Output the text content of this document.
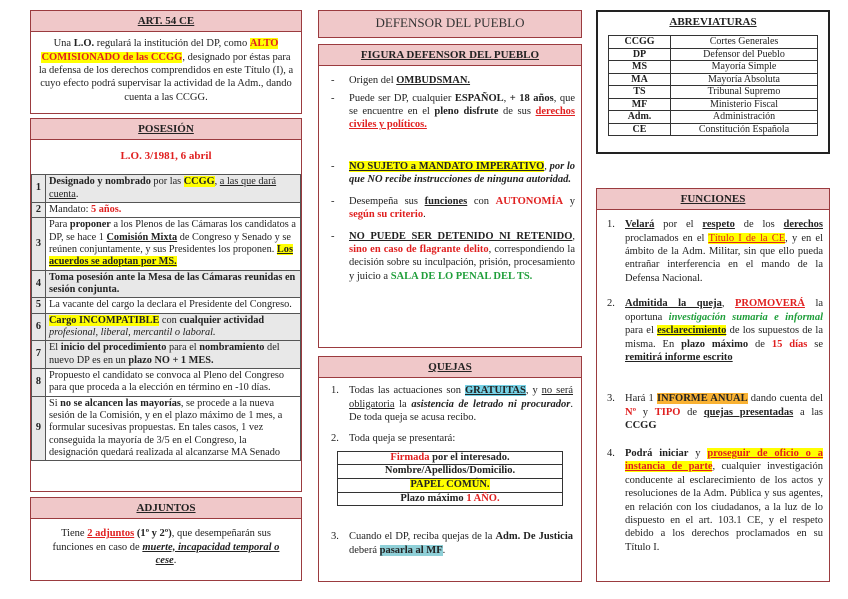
ART. 54 CE

Una L.O. regulará la institución del DP, como ALTO COMISIONADO de las CCGG, designado por éstas para la defensa de los derechos comprendidos en este Título (I), a cuyo efecto podrá supervisar la actividad de la Adm., dando cuenta a las CCGG.

POSESIÓN
L.O. 3/1981, 6 abril
1	Designado y nombrado por las CCGG, a las que dará cuenta.
2	Mandato: 5 años.
3	Para proponer a los Plenos de las Cámaras los candidatos a DP, se hace 1 Comisión Mixta de Congreso y Senado y se reúnen conjuntamente, y sus Presidentes los proponen. Los acuerdos se adoptan por MS.
4	Toma posesión ante la Mesa de las Cámaras reunidas en sesión conjunta.
5	La vacante del cargo la declara el Presidente del Congreso.
6	Cargo INCOMPATIBLE con cualquier actividad profesional, liberal, mercantil o laboral.
7	El inicio del procedimiento para el nombramiento del nuevo DP es en un plazo NO + 1 MES.
8	Propuesto el candidato se convoca al Pleno del Congreso para que proceda a la elección en término en -10 días.
9	Si no se alcancen las mayorías, se procede a la nueva sesión de la Comisión, y en el plazo máximo de 1 mes, a formular sucesivas propuestas. En tales casos, 1 vez conseguida la mayoría de 3/5 en el Congreso, la designación quedará realizada al alcanzarse MA Senado
ADJUNTOS

Tiene 2 adjuntos (1º y 2º), que desempeñarán sus funciones en caso de muerte, incapacidad temporal o cese.

DEFENSOR DEL PUEBLO
FIGURA DEFENSOR DEL PUEBLO
- Origen del OMBUDSMAN.
- Puede ser DP, cualquier ESPAÑOL, + 18 años, que se encuentre en el pleno disfrute de sus derechos civiles y políticos.
- NO SUJETO a MANDATO IMPERATIVO, por lo que NO recibe instrucciones de ninguna autoridad.
- Desempeña sus funciones con AUTONOMÍA y según su criterio.
- NO PUEDE SER DETENIDO NI RETENIDO, sino en caso de flagrante delito, correspondiendo la decisión sobre su inculpación, prisión, procesamiento y juicio a SALA DE LO PENAL DEL TS.
QUEJAS
1. Todas las actuaciones son GRATUITAS, y no será obligatoria la asistencia de letrado ni procurador. De toda queja se acusa recibo.
2. Toda queja se presentará:
Firmada por el interesado.
Nombre/Apellidos/Domicilio.
PAPEL COMÚN.
Plazo máximo 1 AÑO.
3. Cuando el DP, reciba quejas de la Adm. De Justicia deberá pasarla al MF.
ABREVIATURAS
CCGG	Cortes Generales
DP	Defensor del Pueblo
MS	Mayoría Simple
MA	Mayoría Absoluta
TS	Tribunal Supremo
MF	Ministerio Fiscal
Adm.	Administración
CE	Constitución Española
FUNCIONES
1. Velará por el respeto de los derechos proclamados en el Título I de la CE, y en el ámbito de la Adm. Militar, sin que ello pueda entrañar interferencia en el mando de la Defensa Nacional.
2. Admitida la queja, PROMOVERÁ la oportuna investigación sumaria e informal para el esclarecimiento de los supuestos de la misma. En plazo máximo de 15 días se remitirá informe escrito
3. Hará 1 INFORME ANUAL dando cuenta del Nº y TIPO de quejas presentadas a las CCGG
4. Podrá iniciar y proseguir de oficio o a instancia de parte, cualquier investigación conducente al esclarecimiento de los actos y resoluciones de la Adm. Pública y sus agentes, en relación con los ciudadanos, a la luz de lo dispuesto en el art. 103.1 CE, y el respeto debido a los derechos proclamados en su Título I.
